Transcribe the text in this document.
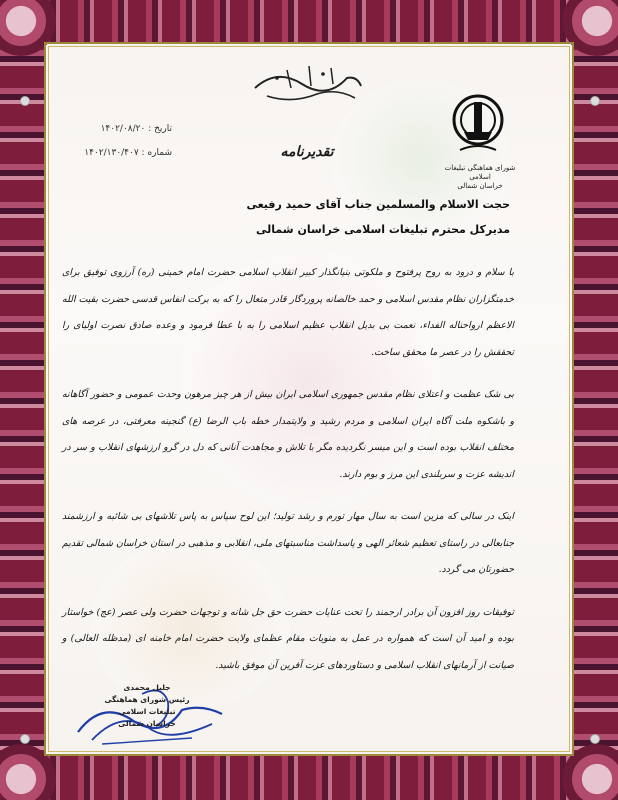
شورای هماهنگی تبلیغات اسلامی
خراسان شمالی
تقدیرنامه
تاریخ : ۱۴۰۲/۰۸/۲۰
شماره : ۱۴۰۲/۱۳۰/۴۰۷
حجت الاسلام والمسلمین جناب آقای حمید رفیعی
مدیرکل محترم تبلیغات اسلامی خراسان شمالی

با سلام و درود به روح پرفتوح و ملکوتی بنیانگذار کبیر انقلاب اسلامی حضرت امام خمینی (ره) آرزوی توفیق برای خدمتگزاران نظام مقدس اسلامی و حمد خالصانه پروردگار قادر متعال را که به برکت انفاس قدسی حضرت بقیت الله الاعظم ارواحناله الفداء، نعمت بی بدیل انقلاب عظیم اسلامی را به با عطا فرمود و وعده صادق نصرت اولیای را تحققش را در عصر ما محقق ساخت.

بی شک عظمت و اعتلای نظام مقدس جمهوری اسلامی ایران بیش از هر چیز مرهون وحدت عمومی و حضور آگاهانه و باشکوه ملت آگاه ایران اسلامی و مردم رشید و ولایتمدار خطه باب الرضا (ع) گنجینه معرفتی، در عرصه های مختلف انقلاب بوده است و این میسر نگردیده مگر با تلاش و مجاهدت آنانی که دل در گرو ارزشهای انقلاب و سر در اندیشه عزت و سربلندی این مرز و بوم دارند.

اینک در سالی که مزین است به سال مهار تورم و رشد تولید؛ این لوح سپاس به پاس تلاشهای بی شائبه و ارزشمند جنابعالی در راستای تعظیم شعائر الهی و پاسداشت مناسبتهای ملی، انقلابی و مذهبی در استان خراسان شمالی تقدیم حضورتان می گردد.

توفیقات روز افزون آن برادر ارجمند را تحت عنایات حضرت حق جل شانه و توجهات حضرت ولی عصر (عج) خواستار بوده و امید آن است که همواره در عمل به منویات مقام عظمای ولایت حضرت امام خامنه ای (مدظله العالی) و صیانت از آرمانهای انقلاب اسلامی و دستاوردهای عزت آفرین آن موفق باشید.

جلیل محمدی
رئیس شورای هماهنگی تبلیغات اسلامی
خراسان شمالی
